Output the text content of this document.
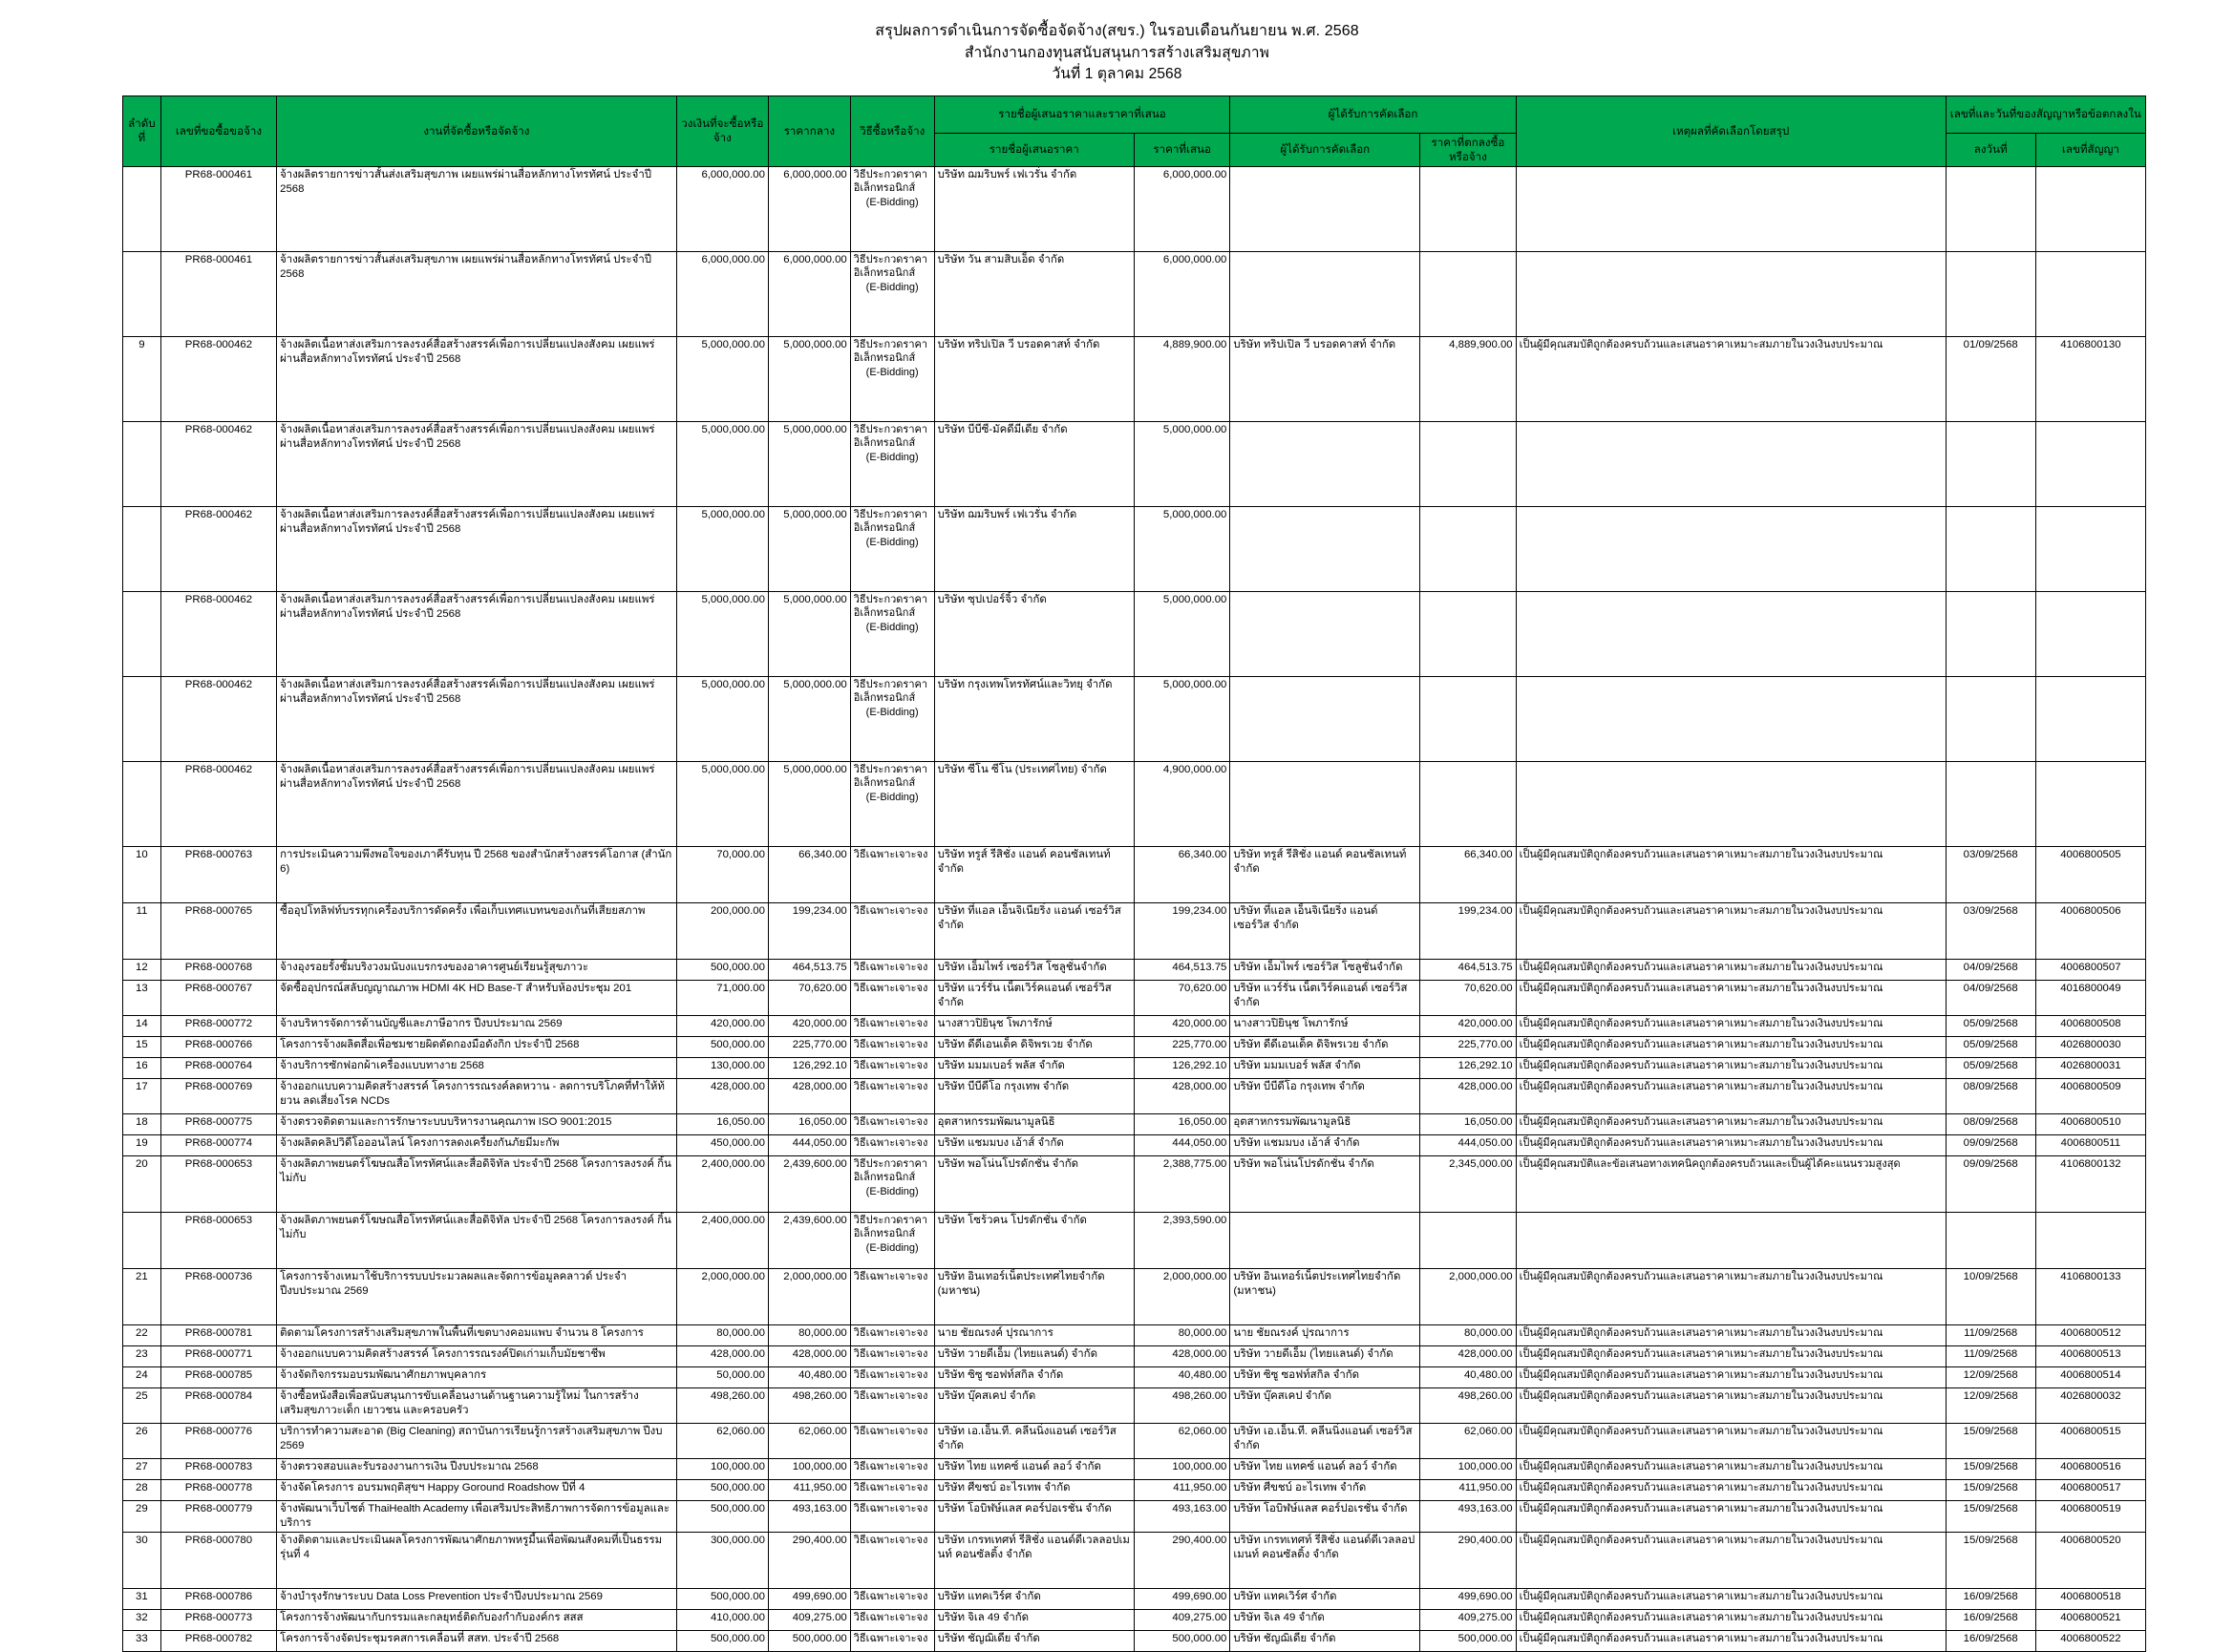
สรุปผลการดำเนินการจัดซื้อจัดจ้าง(สขร.) ในรอบเดือนกันยายน พ.ศ. 2568
สำนักงานกองทุนสนับสนุนการสร้างเสริมสุขภาพ
วันที่ 1 ตุลาคม 2568
ลำดับที่	เลขที่ขอซื้อขอจ้าง	งานที่จัดซื้อหรือจัดจ้าง	วงเงินที่จะซื้อหรือจ้าง	ราคากลาง	วิธีซื้อหรือจ้าง	รายชื่อผู้เสนอราคาและราคาที่เสนอ		ผู้ได้รับการคัดเลือก		เหตุผลที่คัดเลือกโดยสรุป	เลขที่และวันที่ของสัญญาหรือข้อตกลงใน	
						รายชื่อผู้เสนอราคา	ราคาที่เสนอ	ผู้ได้รับการคัดเลือก	ราคาที่ตกลงซื้อหรือจ้าง		ลงวันที่	เลขที่สัญญา
	PR68-000461	จ้างผลิตรายการข่าวสั้นส่งเสริมสุขภาพ เผยแพร่ผ่านสื่อหลักทางโทรทัศน์ ประจำปี 2568	6,000,000.00	6,000,000.00	วิธีประกวดราคา
อิเล็กทรอนิกส์
(E-Bidding)	บริษัท ฌมริบพร์ เฟเวรั่น จำกัด	6,000,000.00					
	PR68-000461	จ้างผลิตรายการข่าวสั้นส่งเสริมสุขภาพ เผยแพร่ผ่านสื่อหลักทางโทรทัศน์ ประจำปี 2568	6,000,000.00	6,000,000.00	วิธีประกวดราคา
อิเล็กทรอนิกส์
(E-Bidding)	บริษัท วัน สามสิบเอ็ด จำกัด	6,000,000.00					
9	PR68-000462	จ้างผลิตเนื้อหาส่งเสริมการลงรงค์สื่อสร้างสรรค์เพื่อการเปลี่ยนแปลงสังคม เผยแพร่ผ่านสื่อหลักทางโทรทัศน์ ประจำปี 2568	5,000,000.00	5,000,000.00	วิธีประกวดราคา
อิเล็กทรอนิกส์
(E-Bidding)	บริษัท ทริปเปิล วี บรอดคาสท์ จำกัด	4,889,900.00	บริษัท ทริปเปิล วี บรอดคาสท์ จำกัด	4,889,900.00	เป็นผู้มีคุณสมบัติถูกต้องครบถ้วนและเสนอราคาเหมาะสมภายในวงเงินงบประมาณ	01/09/2568	4106800130
	PR68-000462	จ้างผลิตเนื้อหาส่งเสริมการลงรงค์สื่อสร้างสรรค์เพื่อการเปลี่ยนแปลงสังคม เผยแพร่ผ่านสื่อหลักทางโทรทัศน์ ประจำปี 2568	5,000,000.00	5,000,000.00	วิธีประกวดราคา
อิเล็กทรอนิกส์
(E-Bidding)	บริษัท บีบีซี-มัคดีมีเดีย จำกัด	5,000,000.00					
	PR68-000462	จ้างผลิตเนื้อหาส่งเสริมการลงรงค์สื่อสร้างสรรค์เพื่อการเปลี่ยนแปลงสังคม เผยแพร่ผ่านสื่อหลักทางโทรทัศน์ ประจำปี 2568	5,000,000.00	5,000,000.00	วิธีประกวดราคา
อิเล็กทรอนิกส์
(E-Bidding)	บริษัท ฌมริบพร์ เฟเวรั่น จำกัด	5,000,000.00					
	PR68-000462	จ้างผลิตเนื้อหาส่งเสริมการลงรงค์สื่อสร้างสรรค์เพื่อการเปลี่ยนแปลงสังคม เผยแพร่ผ่านสื่อหลักทางโทรทัศน์ ประจำปี 2568	5,000,000.00	5,000,000.00	วิธีประกวดราคา
อิเล็กทรอนิกส์
(E-Bidding)	บริษัท ซุปเปอร์จิ้ว จำกัด	5,000,000.00					
	PR68-000462	จ้างผลิตเนื้อหาส่งเสริมการลงรงค์สื่อสร้างสรรค์เพื่อการเปลี่ยนแปลงสังคม เผยแพร่ผ่านสื่อหลักทางโทรทัศน์ ประจำปี 2568	5,000,000.00	5,000,000.00	วิธีประกวดราคา
อิเล็กทรอนิกส์
(E-Bidding)	บริษัท กรุงเทพโทรทัศน์และวิทยุ จำกัด	5,000,000.00					
	PR68-000462	จ้างผลิตเนื้อหาส่งเสริมการลงรงค์สื่อสร้างสรรค์เพื่อการเปลี่ยนแปลงสังคม เผยแพร่ผ่านสื่อหลักทางโทรทัศน์ ประจำปี 2568	5,000,000.00	5,000,000.00	วิธีประกวดราคา
อิเล็กทรอนิกส์
(E-Bidding)	บริษัท ซีโน ซีโน (ประเทศไทย) จำกัด	4,900,000.00					
10	PR68-000763	การประเมินความพึงพอใจของเภาคีรับทุน ปี 2568 ของสำนักสร้างสรรค์โอกาส (สำนัก 6)	70,000.00	66,340.00	วิธีเฉพาะเจาะจง	บริษัท ทรูส์ รีสิชั่ง แอนด์ คอนซัลเทนท์ จำกัด	66,340.00	บริษัท ทรูส์ รีสิชั่ง แอนด์ คอนซัลเทนท์ จำกัด	66,340.00	เป็นผู้มีคุณสมบัติถูกต้องครบถ้วนและเสนอราคาเหมาะสมภายในวงเงินงบประมาณ	03/09/2568	4006800505
11	PR68-000765	ซื้ออุปโทลิฟท์บรรทุกเครื่องบริการดัดครั้ง เพื่อเก็บเทศแบทนของเก้นที่เสียยสภาพ	200,000.00	199,234.00	วิธีเฉพาะเจาะจง	บริษัท ที่แอล เอ็นจิเนียริ่ง แอนด์ เซอร์วิส จำกัด	199,234.00	บริษัท ที่แอล เอ็นจิเนียริ่ง แอนด์ เซอร์วิส จำกัด	199,234.00	เป็นผู้มีคุณสมบัติถูกต้องครบถ้วนและเสนอราคาเหมาะสมภายในวงเงินงบประมาณ	03/09/2568	4006800506
12	PR68-000768	จ้างอุงรอยรั้งชั้มบริงวงมนับงแบรกรงของอาคารศูนย์เรียนรู้สุขภาวะ	500,000.00	464,513.75	วิธีเฉพาะเจาะจง	บริษัท เอ็มไพร์ เซอร์วิส โซลูชั่นจำกัด	464,513.75	บริษัท เอ็มไพร์ เซอร์วิส โซลูชั่นจำกัด	464,513.75	เป็นผู้มีคุณสมบัติถูกต้องครบถ้วนและเสนอราคาเหมาะสมภายในวงเงินงบประมาณ	04/09/2568	4006800507
13	PR68-000767	จัดซื้ออุปกรณ์สลับญญาณภาพ HDMI 4K HD Base-T สำหรับห้องประชุม 201	71,000.00	70,620.00	วิธีเฉพาะเจาะจง	บริษัท แวร์รั่น เน็ตเวิร์คแอนด์ เซอร์วิส จำกัด	70,620.00	บริษัท แวร์รั่น เน็ตเวิร์คแอนด์ เซอร์วิส จำกัด	70,620.00	เป็นผู้มีคุณสมบัติถูกต้องครบถ้วนและเสนอราคาเหมาะสมภายในวงเงินงบประมาณ	04/09/2568	4016800049
14	PR68-000772	จ้างบริหารจัดการด้านบัญชีและภาษีอากร ปีงบประมาณ 2569	420,000.00	420,000.00	วิธีเฉพาะเจาะจง	นางสาวปิยินุช โพภารักษ์	420,000.00	นางสาวปิยินุช โพภารักษ์	420,000.00	เป็นผู้มีคุณสมบัติถูกต้องครบถ้วนและเสนอราคาเหมาะสมภายในวงเงินงบประมาณ	05/09/2568	4006800508
15	PR68-000766	โครงการจ้างผลิตสื่อเพื่อชมชายผิดตัดกองมือดังกิก ประจำปี 2568	500,000.00	225,770.00	วิธีเฉพาะเจาะจง	บริษัท ดีดีเอนเด็ค ดิจิพรเวย จำกัด	225,770.00	บริษัท ดีดีเอนเด็ค ดิจิพรเวย จำกัด	225,770.00	เป็นผู้มีคุณสมบัติถูกต้องครบถ้วนและเสนอราคาเหมาะสมภายในวงเงินงบประมาณ	05/09/2568	4026800030
16	PR68-000764	จ้างบริการซักฟอกผ้าเครื่องแบบทางาย 2568	130,000.00	126,292.10	วิธีเฉพาะเจาะจง	บริษัท มมมเบอร์ พลัส จำกัด	126,292.10	บริษัท มมมเบอร์ พลัส จำกัด	126,292.10	เป็นผู้มีคุณสมบัติถูกต้องครบถ้วนและเสนอราคาเหมาะสมภายในวงเงินงบประมาณ	05/09/2568	4026800031
17	PR68-000769	จ้างออกแบบความคิดสร้างสรรค์ โครงการรณรงค์ลดหวาน - ลดการบริโภคที่ทำให้ท้ยวน ลดเสี่ยงโรค NCDs	428,000.00	428,000.00	วิธีเฉพาะเจาะจง	บริษัท บีบีดีโอ กรุงเทพ จำกัด	428,000.00	บริษัท บีบีดีโอ กรุงเทพ จำกัด	428,000.00	เป็นผู้มีคุณสมบัติถูกต้องครบถ้วนและเสนอราคาเหมาะสมภายในวงเงินงบประมาณ	08/09/2568	4006800509
18	PR68-000775	จ้างตรวจติดตามและการรักษาระบบบริหารงานคุณภาพ ISO 9001:2015	16,050.00	16,050.00	วิธีเฉพาะเจาะจง	อุตสาหกรรมพัฒนามูลนิธิ	16,050.00	อุตสาหกรรมพัฒนามูลนิธิ	16,050.00	เป็นผู้มีคุณสมบัติถูกต้องครบถ้วนและเสนอราคาเหมาะสมภายในวงเงินงบประมาณ	08/09/2568	4006800510
19	PR68-000774	จ้างผลิตคลิปวิดีโอออนไลน์ โครงการลดงเครื่ยงกันภัยมีมะกัพ	450,000.00	444,050.00	วิธีเฉพาะเจาะจง	บริษัท แชมมบง เอ้าส์ จำกัด	444,050.00	บริษัท แชมมบง เอ้าส์ จำกัด	444,050.00	เป็นผู้มีคุณสมบัติถูกต้องครบถ้วนและเสนอราคาเหมาะสมภายในวงเงินงบประมาณ	09/09/2568	4006800511
20	PR68-000653	จ้างผลิตภาพยนตร์โฆษณสื่อโทรทัศน์และสื่อดิจิทัล ประจำปี 2568 โครงการลงรงค์ กิ้นไม่กับ	2,400,000.00	2,439,600.00	วิธีประกวดราคา
อิเล็กทรอนิกส์
(E-Bidding)	บริษัท พอโน่นโปรดักชั่น จำกัด	2,388,775.00	บริษัท พอโน่นโปรดักชั่น จำกัด	2,345,000.00	เป็นผู้มีคุณสมบัติและข้อเสนอทางเทคนิคถูกต้องครบถ้วนและเป็นผู้ได้คะแนนรวมสูงสุด	09/09/2568	4106800132
	PR68-000653	จ้างผลิตภาพยนตร์โฆษณสื่อโทรทัศน์และสื่อดิจิทัล ประจำปี 2568 โครงการลงรงค์ กิ้นไม่กับ	2,400,000.00	2,439,600.00	วิธีประกวดราคา
อิเล็กทรอนิกส์
(E-Bidding)	บริษัท โซร้วคน โปรดักชั่น จำกัด	2,393,590.00					
21	PR68-000736	โครงการจ้างเหมาใช้บริการรบบประมวลผลและจัดการข้อมูลคลาวด์ ประจำปีงบประมาณ 2569	2,000,000.00	2,000,000.00	วิธีเฉพาะเจาะจง	บริษัท อินเทอร์เน็ตประเทศไทยจำกัด (มหาชน)	2,000,000.00	บริษัท อินเทอร์เน็ตประเทศไทยจำกัด (มหาชน)	2,000,000.00	เป็นผู้มีคุณสมบัติถูกต้องครบถ้วนและเสนอราคาเหมาะสมภายในวงเงินงบประมาณ	10/09/2568	4106800133
22	PR68-000781	ติดตามโครงการสร้างเสริมสุขภาพในพื้นที่เขตบางคอมแพบ จำนวน 8 โครงการ	80,000.00	80,000.00	วิธีเฉพาะเจาะจง	นาย ชัยณรงค์ ปุรณาการ	80,000.00	นาย ชัยณรงค์ ปุรณาการ	80,000.00	เป็นผู้มีคุณสมบัติถูกต้องครบถ้วนและเสนอราคาเหมาะสมภายในวงเงินงบประมาณ	11/09/2568	4006800512
23	PR68-000771	จ้างออกแบบความคิดสร้างสรรค์ โครงการรณรงค์ปิดเก่ามเก็บมัยชาชีพ	428,000.00	428,000.00	วิธีเฉพาะเจาะจง	บริษัท วายดีเอ็ม (ไทยแลนด์) จำกัด	428,000.00	บริษัท วายดีเอ็ม (ไทยแลนด์) จำกัด	428,000.00	เป็นผู้มีคุณสมบัติถูกต้องครบถ้วนและเสนอราคาเหมาะสมภายในวงเงินงบประมาณ	11/09/2568	4006800513
24	PR68-000785	จ้างจัดกิจกรรมอบรมพัฒนาศักยภาพบุคลากร	50,000.00	40,480.00	วิธีเฉพาะเจาะจง	บริษัท ซิซู ซอฟท์สกิล จำกัด	40,480.00	บริษัท ซิซู ซอฟท์สกิล จำกัด	40,480.00	เป็นผู้มีคุณสมบัติถูกต้องครบถ้วนและเสนอราคาเหมาะสมภายในวงเงินงบประมาณ	12/09/2568	4006800514
25	PR68-000784	จ้างซื้อหนังสือเพื่อสนับสนุนการขับเคลื่อนงานด้านฐานความรู้ใหม่ ในการสร้างเสริมสุขภาวะเด็ก เยาวชน และครอบครัว	498,260.00	498,260.00	วิธีเฉพาะเจาะจง	บริษัท บุ๊คสเคป จำกัด	498,260.00	บริษัท บุ๊คสเคป จำกัด	498,260.00	เป็นผู้มีคุณสมบัติถูกต้องครบถ้วนและเสนอราคาเหมาะสมภายในวงเงินงบประมาณ	12/09/2568	4026800032
26	PR68-000776	บริการทำความสะอาด (Big Cleaning) สถาบันการเรียนรู้การสร้างเสริมสุขภาพ ปีงบ 2569	62,060.00	62,060.00	วิธีเฉพาะเจาะจง	บริษัท เอ.เอ็น.ที. คลีนนิ่งแอนด์ เซอร์วิส จำกัด	62,060.00	บริษัท เอ.เอ็น.ที. คลีนนิ่งแอนด์ เซอร์วิส จำกัด	62,060.00	เป็นผู้มีคุณสมบัติถูกต้องครบถ้วนและเสนอราคาเหมาะสมภายในวงเงินงบประมาณ	15/09/2568	4006800515
27	PR68-000783	จ้างตรวจสอบและรับรองงานการเงิน ปีงบประมาณ 2568	100,000.00	100,000.00	วิธีเฉพาะเจาะจง	บริษัท ไทย แทคซ์ แอนด์ ลอว์ จำกัด	100,000.00	บริษัท ไทย แทคซ์ แอนด์ ลอว์ จำกัด	100,000.00	เป็นผู้มีคุณสมบัติถูกต้องครบถ้วนและเสนอราคาเหมาะสมภายในวงเงินงบประมาณ	15/09/2568	4006800516
28	PR68-000778	จ้างจัดโครงการ อบรมพฤติสุขฯ Happy Goround Roadshow ปีที่ 4	500,000.00	411,950.00	วิธีเฉพาะเจาะจง	บริษัท ศีขชบ์ อะไรเทพ จำกัด	411,950.00	บริษัท ศีขชบ์ อะไรเทพ จำกัด	411,950.00	เป็นผู้มีคุณสมบัติถูกต้องครบถ้วนและเสนอราคาเหมาะสมภายในวงเงินงบประมาณ	15/09/2568	4006800517
29	PR68-000779	จ้างพัฒนาเว็บไซต์ ThaiHealth Academy เพื่อเสริมประสิทธิภาพการจัดการข้อมูลและบริการ	500,000.00	493,163.00	วิธีเฉพาะเจาะจง	บริษัท โอบิฬษ์แลส คอร์ปอเรชั่น จำกัด	493,163.00	บริษัท โอบิฬษ์แลส คอร์ปอเรชั่น จำกัด	493,163.00	เป็นผู้มีคุณสมบัติถูกต้องครบถ้วนและเสนอราคาเหมาะสมภายในวงเงินงบประมาณ	15/09/2568	4006800519
30	PR68-000780	จ้างติดตามและประเมินผลโครงการพัฒนาศักยภาพหรูมี้นเพื่อพัฒนสังคมที่เป็นธรรม รุ่นที่ 4	300,000.00	290,400.00	วิธีเฉพาะเจาะจง	บริษัท เกรทเทศท์ รีสิชั่ง แอนด์ดีเวลลอปเมนท์ คอนซัลติ้ง จำกัด	290,400.00	บริษัท เกรทเทศท์ รีสิชั่ง แอนด์ดีเวลลอปเมนท์ คอนซัลติ้ง จำกัด	290,400.00	เป็นผู้มีคุณสมบัติถูกต้องครบถ้วนและเสนอราคาเหมาะสมภายในวงเงินงบประมาณ	15/09/2568	4006800520
31	PR68-000786	จ้างบำรุงรักษาระบบ Data Loss Prevention ประจำปีงบประมาณ 2569	500,000.00	499,690.00	วิธีเฉพาะเจาะจง	บริษัท แทคเวิร์ศ จำกัด	499,690.00	บริษัท แทคเวิร์ศ จำกัด	499,690.00	เป็นผู้มีคุณสมบัติถูกต้องครบถ้วนและเสนอราคาเหมาะสมภายในวงเงินงบประมาณ	16/09/2568	4006800518
32	PR68-000773	โครงการจ้างพัฒนากับกรรมและกลยุทธ์ติดกับองกำกับองค์กร สสส	410,000.00	409,275.00	วิธีเฉพาะเจาะจง	บริษัท จิเล 49 จำกัด	409,275.00	บริษัท จิเล 49 จำกัด	409,275.00	เป็นผู้มีคุณสมบัติถูกต้องครบถ้วนและเสนอราคาเหมาะสมภายในวงเงินงบประมาณ	16/09/2568	4006800521
33	PR68-000782	โครงการจ้างจัดประชุมรคสการเคลื่อนที่ สสท. ประจำปี 2568	500,000.00	500,000.00	วิธีเฉพาะเจาะจง	บริษัท ชัญฌิเดีย จำกัด	500,000.00	บริษัท ชัญฌิเดีย จำกัด	500,000.00	เป็นผู้มีคุณสมบัติถูกต้องครบถ้วนและเสนอราคาเหมาะสมภายในวงเงินงบประมาณ	16/09/2568	4006800522
